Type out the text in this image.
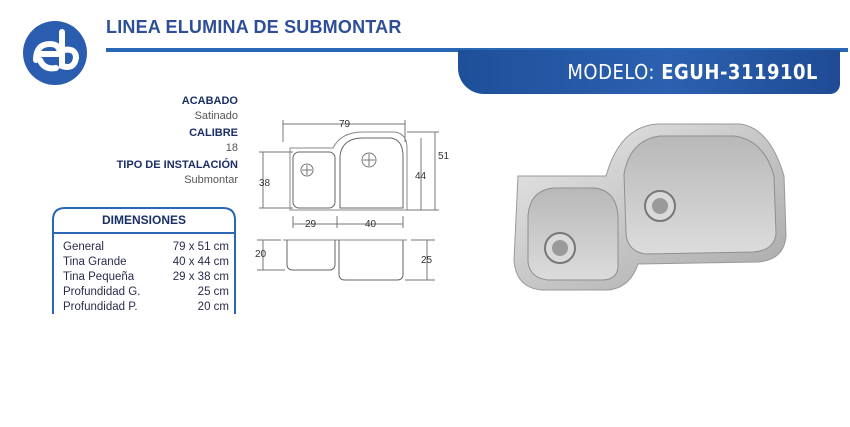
LINEA ELUMINA DE SUBMONTAR
MODELO: EGUH-311910L
ACABADO
Satinado
CALIBRE
18
TIPO DE INSTALACIÓN
Submontar
DIMENSIONES
General	79 x 51 cm
Tina Grande	40 x 44 cm
Tina Pequeña	29 x 38 cm
Profundidad G.	25 cm
Profundidad P.	20 cm
79
51
44
38
29	40
20
25
